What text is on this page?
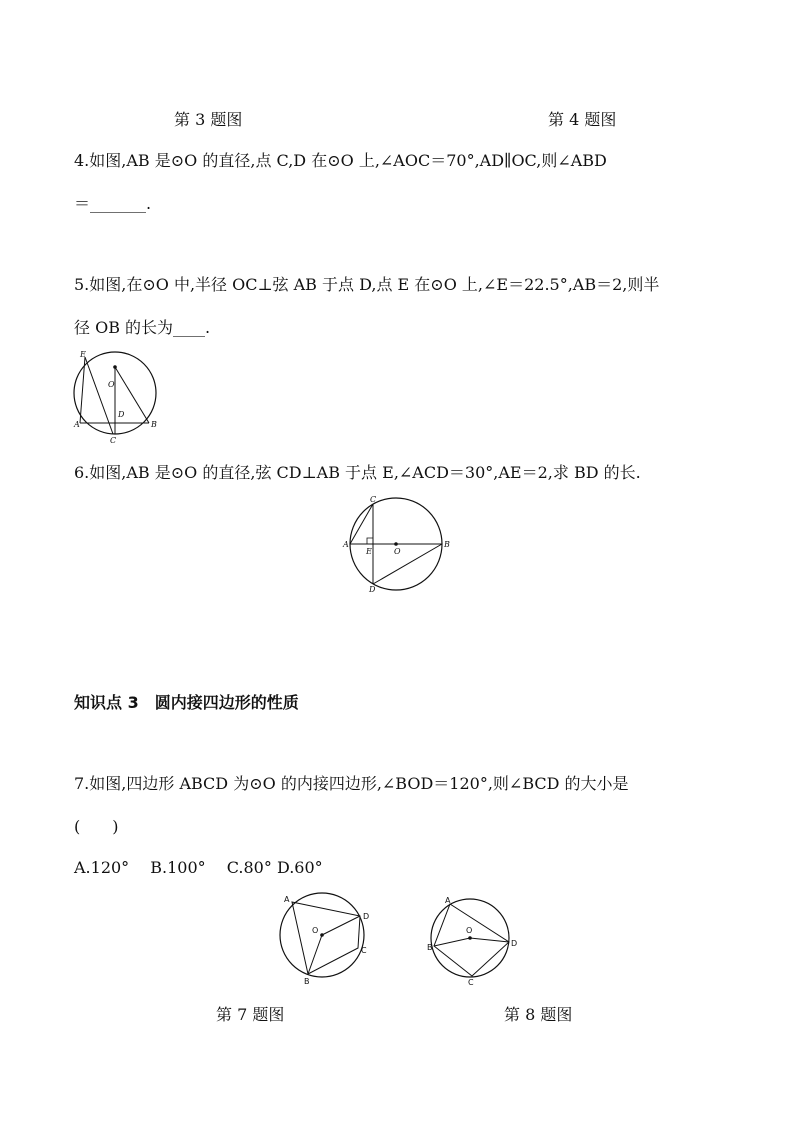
第 3 题图	第 4 题图
4.如图,AB 是⊙O 的直径,点 C,D 在⊙O 上,∠AOC＝70°,AD∥OC,则∠ABD
＝_______.
5.如图,在⊙O 中,半径 OC⊥弦 AB 于点 D,点 E 在⊙O 上,∠E＝22.5°,AB＝2,则半
径 OB 的长为____.
E
O
D
A	B
C
6.如图,AB 是⊙O 的直径,弦 CD⊥AB 于点 E,∠ACD＝30°,AE＝2,求 BD 的长.
C
A
E	O
B
D
知识点 3　圆内接四边形的性质
7.如图,四边形 ABCD 为⊙O 的内接四边形,∠BOD＝120°,则∠BCD 的大小是
(　　)
A.120°　 B.100°　 C.80° D.60°
A
D
O
C
B
A
B
O
D
C
第 7 题图	第 8 题图
